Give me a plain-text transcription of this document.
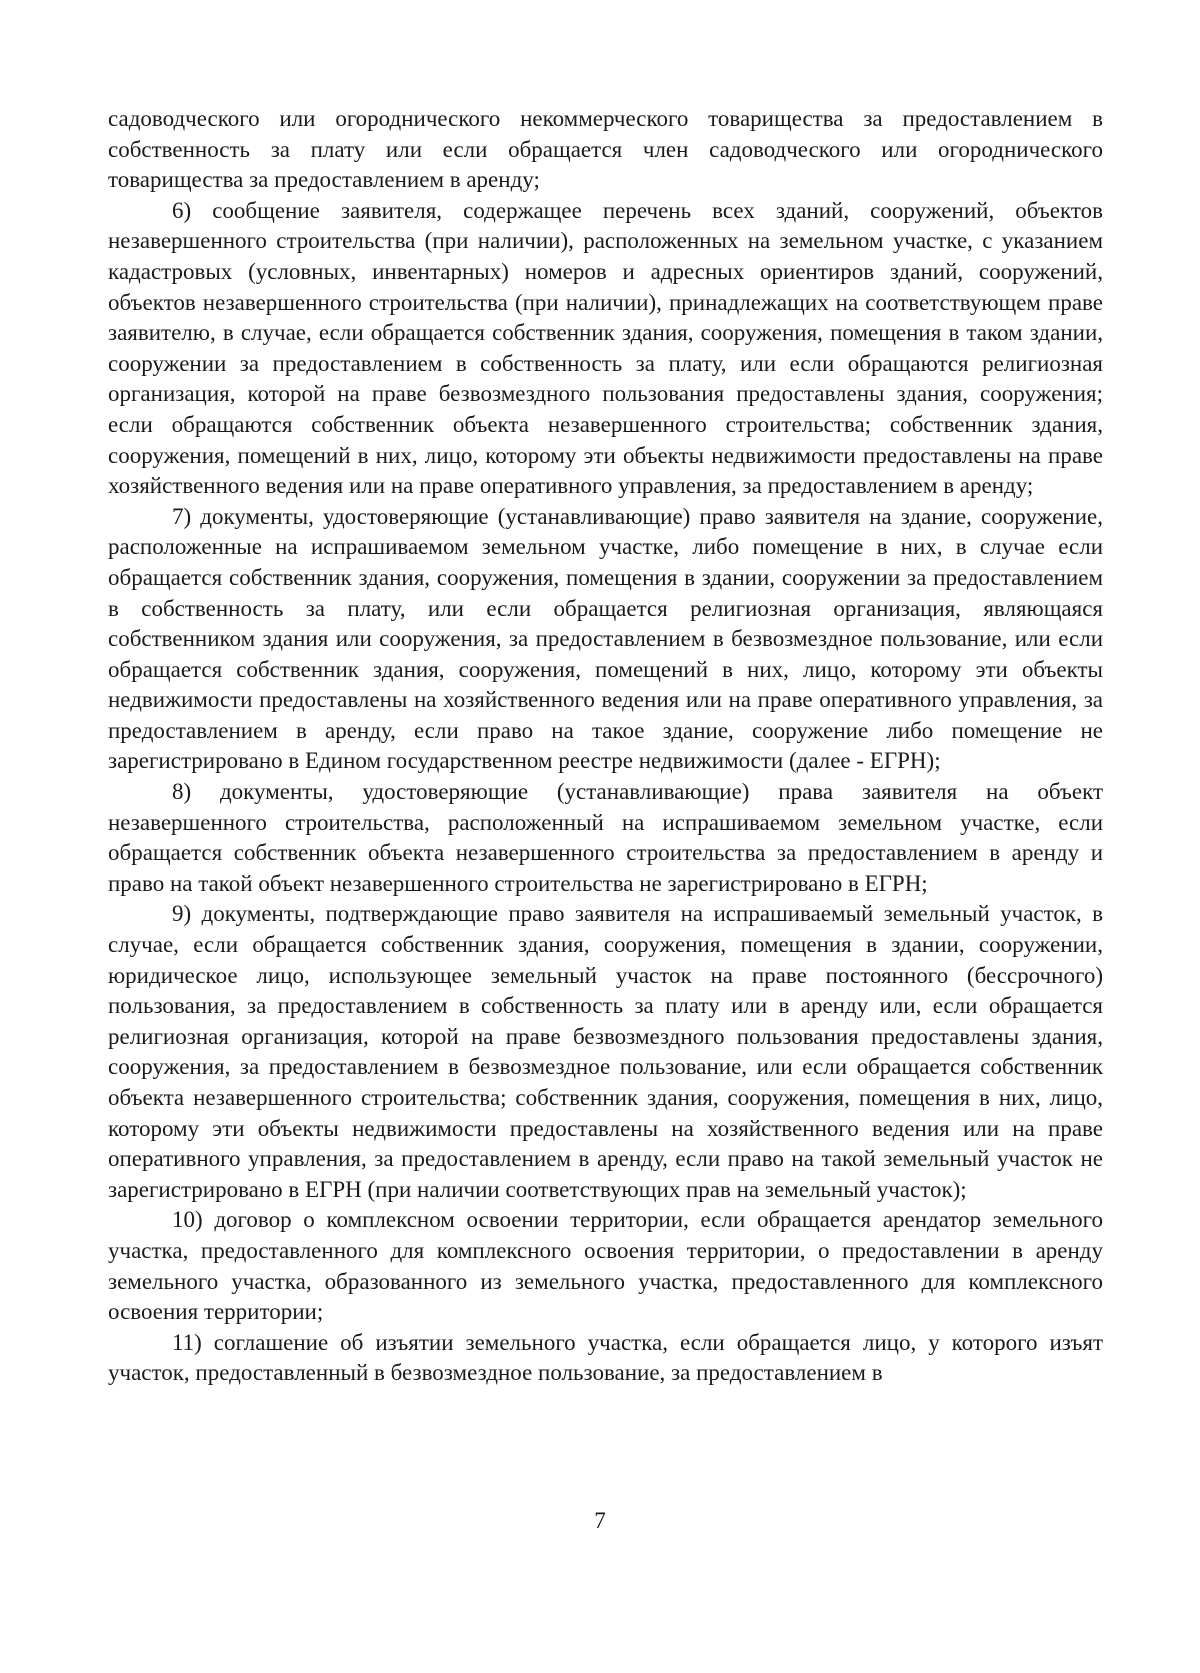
садоводческого или огороднического некоммерческого товарищества за предоставлением в собственность за плату или если обращается член садоводческого или огороднического товарищества за предоставлением в аренду;

6) сообщение заявителя, содержащее перечень всех зданий, сооружений, объектов незавершенного строительства (при наличии), расположенных на земельном участке, с указанием кадастровых (условных, инвентарных) номеров и адресных ориентиров зданий, сооружений, объектов незавершенного строительства (при наличии), принадлежащих на соответствующем праве заявителю, в случае, если обращается собственник здания, сооружения, помещения в таком здании, сооружении за предоставлением в собственность за плату, или если обращаются религиозная организация, которой на праве безвозмездного пользования предоставлены здания, сооружения; если обращаются собственник объекта незавершенного строительства; собственник здания, сооружения, помещений в них, лицо, которому эти объекты недвижимости предоставлены на праве хозяйственного ведения или на праве оперативного управления, за предоставлением в аренду;

7) документы, удостоверяющие (устанавливающие) право заявителя на здание, сооружение, расположенные на испрашиваемом земельном участке, либо помещение в них, в случае если обращается собственник здания, сооружения, помещения в здании, сооружении за предоставлением в собственность за плату, или если обращается религиозная организация, являющаяся собственником здания или сооружения, за предоставлением в безвозмездное пользование, или если обращается собственник здания, сооружения, помещений в них, лицо, которому эти объекты недвижимости предоставлены на хозяйственного ведения или на праве оперативного управления, за предоставлением в аренду, если право на такое здание, сооружение либо помещение не зарегистрировано в Едином государственном реестре недвижимости (далее - ЕГРН);

8) документы, удостоверяющие (устанавливающие) права заявителя на объект незавершенного строительства, расположенный на испрашиваемом земельном участке, если обращается собственник объекта незавершенного строительства за предоставлением в аренду и право на такой объект незавершенного строительства не зарегистрировано в ЕГРН;

9) документы, подтверждающие право заявителя на испрашиваемый земельный участок, в случае, если обращается собственник здания, сооружения, помещения в здании, сооружении, юридическое лицо, использующее земельный участок на праве постоянного (бессрочного) пользования, за предоставлением в собственность за плату или в аренду или, если обращается религиозная организация, которой на праве безвозмездного пользования предоставлены здания, сооружения, за предоставлением в безвозмездное пользование, или если обращается собственник объекта незавершенного строительства; собственник здания, сооружения, помещения в них, лицо, которому эти объекты недвижимости предоставлены на хозяйственного ведения или на праве оперативного управления, за предоставлением в аренду, если право на такой земельный участок не зарегистрировано в ЕГРН (при наличии соответствующих прав на земельный участок);

10) договор о комплексном освоении территории, если обращается арендатор земельного участка, предоставленного для комплексного освоения территории, о предоставлении в аренду земельного участка, образованного из земельного участка, предоставленного для комплексного освоения территории;

11) соглашение об изъятии земельного участка, если обращается лицо, у которого изъят участок, предоставленный в безвозмездное пользование, за предоставлением в

7
